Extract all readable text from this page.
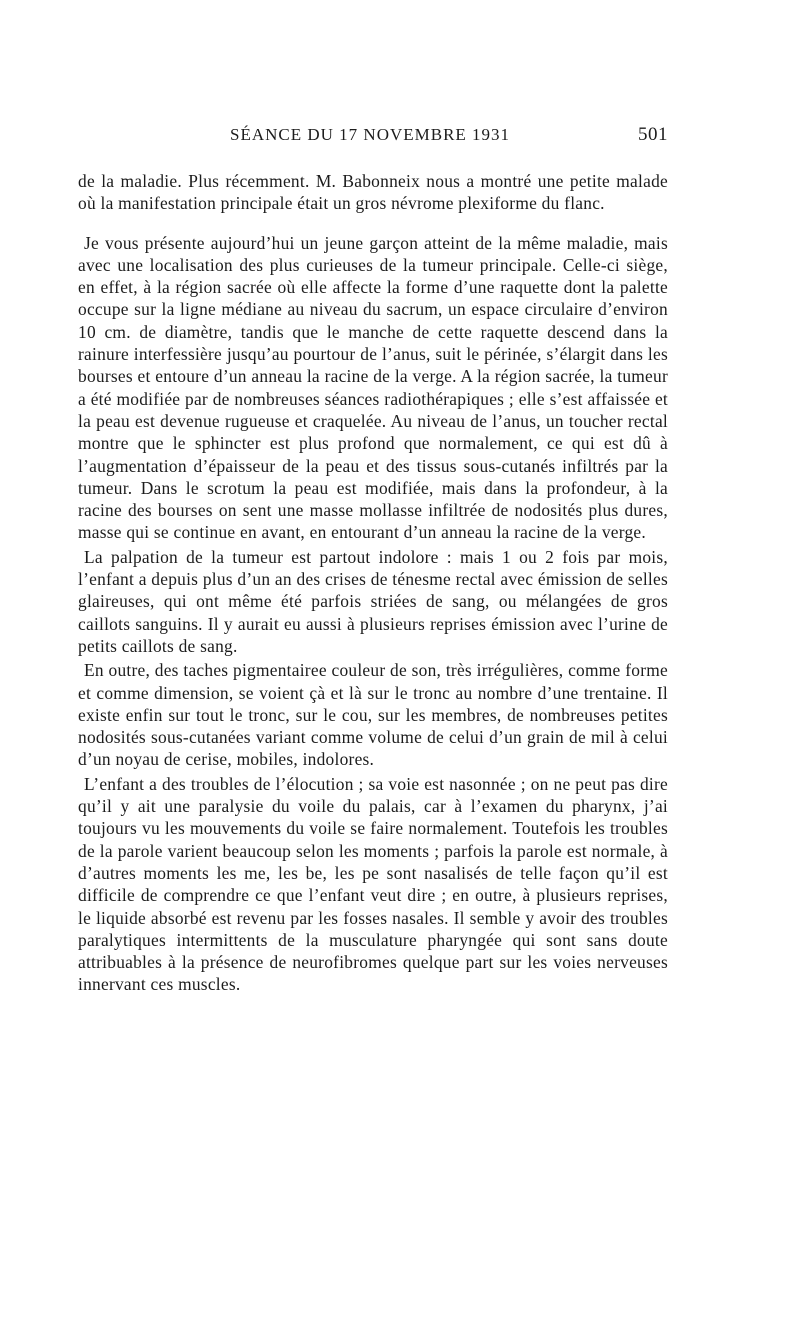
SÉANCE DU 17 NOVEMBRE 1931	501

de la maladie. Plus récemment. M. Babonneix nous a montré une petite malade où la manifestation principale était un gros névrome plexiforme du flanc.

Je vous présente aujourd’hui un jeune garçon atteint de la même maladie, mais avec une localisation des plus curieuses de la tumeur principale. Celle-ci siège, en effet, à la région sacrée où elle affecte la forme d’une raquette dont la palette occupe sur la ligne médiane au niveau du sacrum, un espace circulaire d’environ 10 cm. de diamètre, tandis que le manche de cette raquette descend dans la rainure interfessière jusqu’au pourtour de l’anus, suit le périnée, s’élargit dans les bourses et entoure d’un anneau la racine de la verge. A la région sacrée, la tumeur a été modifiée par de nombreuses séances radiothérapiques ; elle s’est affaissée et la peau est devenue rugueuse et craquelée. Au niveau de l’anus, un toucher rectal montre que le sphincter est plus profond que normalement, ce qui est dû à l’augmentation d’épaisseur de la peau et des tissus sous-cutanés infiltrés par la tumeur. Dans le scrotum la peau est modifiée, mais dans la profondeur, à la racine des bourses on sent une masse mollasse infiltrée de nodosités plus dures, masse qui se continue en avant, en entourant d’un anneau la racine de la verge.

La palpation de la tumeur est partout indolore : mais 1 ou 2 fois par mois, l’enfant a depuis plus d’un an des crises de ténesme rectal avec émission de selles glaireuses, qui ont même été parfois striées de sang, ou mélangées de gros caillots sanguins. Il y aurait eu aussi à plusieurs reprises émission avec l’urine de petits caillots de sang.

En outre, des taches pigmentairee couleur de son, très irrégulières, comme forme et comme dimension, se voient çà et là sur le tronc au nombre d’une trentaine. Il existe enfin sur tout le tronc, sur le cou, sur les membres, de nombreuses petites nodosités sous-cutanées variant comme volume de celui d’un grain de mil à celui d’un noyau de cerise, mobiles, indolores.

L’enfant a des troubles de l’élocution ; sa voie est nasonnée ; on ne peut pas dire qu’il y ait une paralysie du voile du palais, car à l’examen du pharynx, j’ai toujours vu les mouvements du voile se faire normalement. Toutefois les troubles de la parole varient beaucoup selon les moments ; parfois la parole est normale, à d’autres moments les me, les be, les pe sont nasalisés de telle façon qu’il est difficile de comprendre ce que l’enfant veut dire ; en outre, à plusieurs reprises, le liquide absorbé est revenu par les fosses nasales. Il semble y avoir des troubles paralytiques intermittents de la musculature pharyngée qui sont sans doute attribuables à la présence de neurofibromes quelque part sur les voies nerveuses innervant ces muscles.
